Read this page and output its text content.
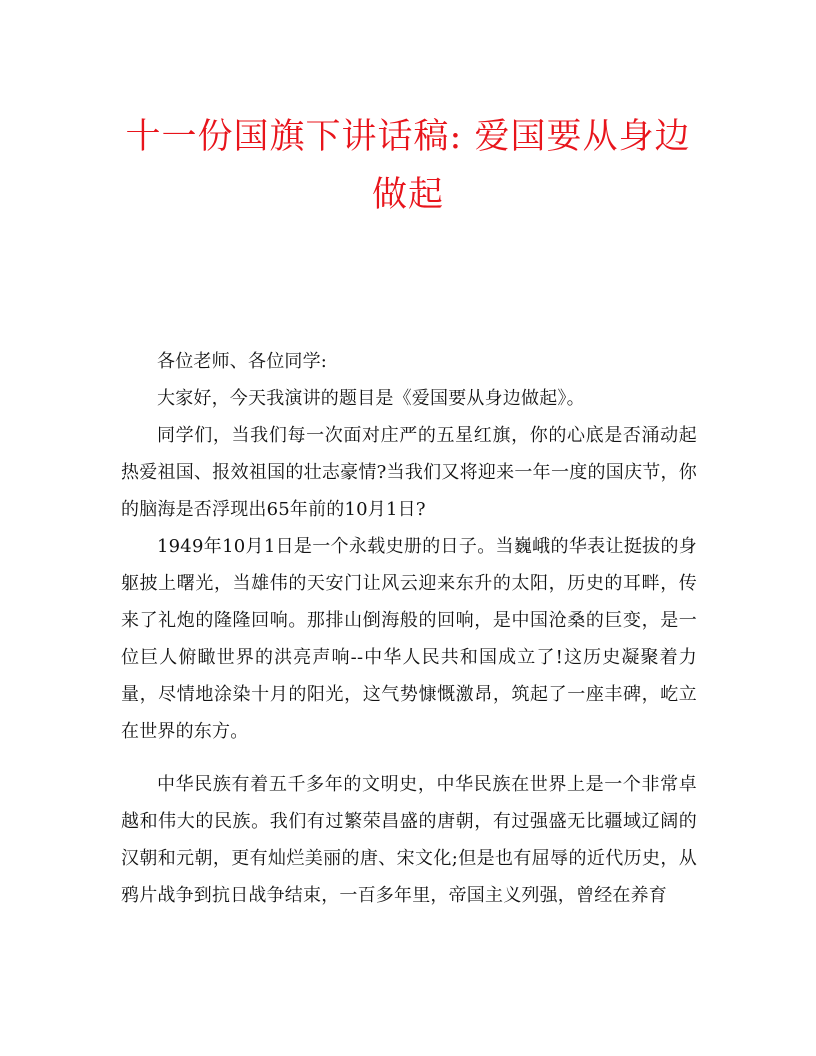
十一份国旗下讲话稿: 爱国要从身边做起

各位老师、各位同学:

大家好，今天我演讲的题目是《爱国要从身边做起》。

同学们，当我们每一次面对庄严的五星红旗，你的心底是否涌动起热爱祖国、报效祖国的壮志豪情?当我们又将迎来一年一度的国庆节，你的脑海是否浮现出65年前的10月1日?

1949年10月1日是一个永载史册的日子。当巍峨的华表让挺拔的身躯披上曙光，当雄伟的天安门让风云迎来东升的太阳，历史的耳畔，传来了礼炮的隆隆回响。那排山倒海般的回响，是中国沧桑的巨变，是一位巨人俯瞰世界的洪亮声响--中华人民共和国成立了!这历史凝聚着力量，尽情地涂染十月的阳光，这气势慷慨激昂，筑起了一座丰碑，屹立在世界的东方。

中华民族有着五千多年的文明史，中华民族在世界上是一个非常卓越和伟大的民族。我们有过繁荣昌盛的唐朝，有过强盛无比疆域辽阔的汉朝和元朝，更有灿烂美丽的唐、宋文化;但是也有屈辱的近代历史，从鸦片战争到抗日战争结束，一百多年里，帝国主义列强，曾经在养育
